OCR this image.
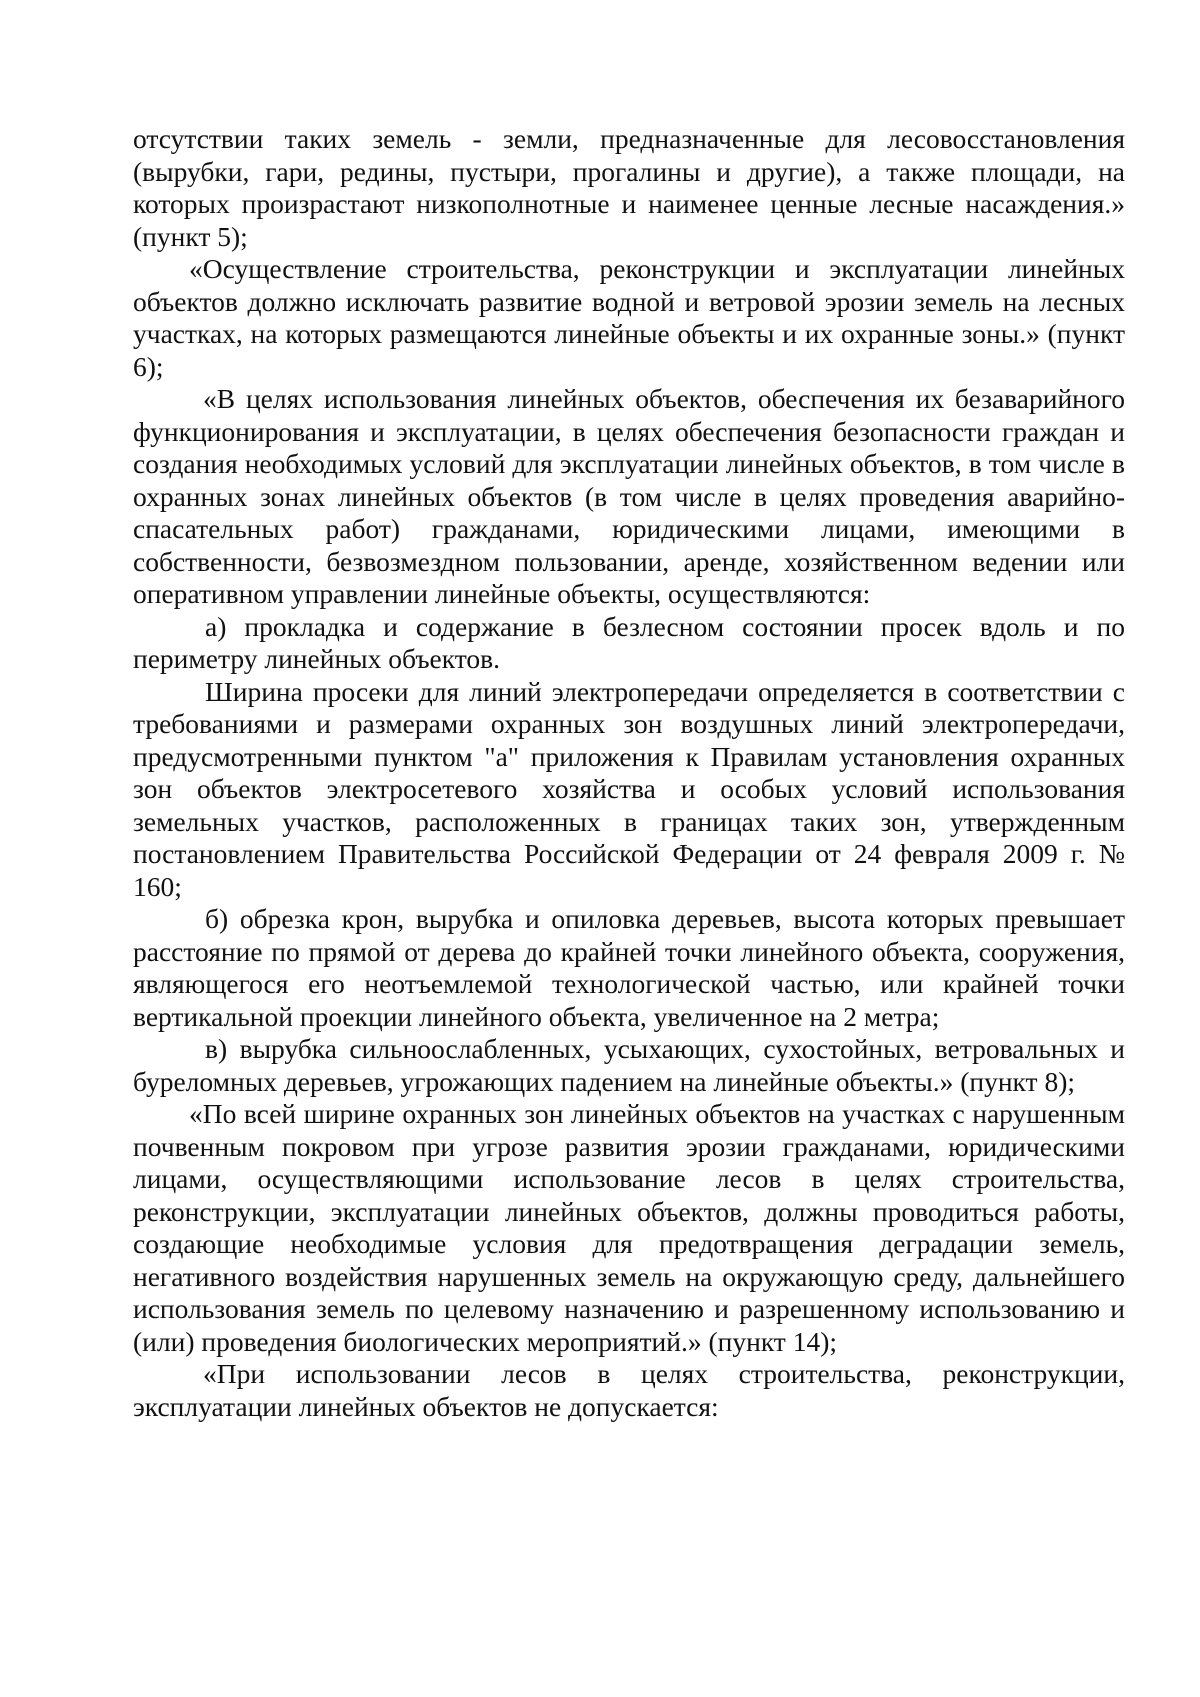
отсутствии таких земель - земли, предназначенные для лесовосстановления (вырубки, гари, редины, пустыри, прогалины и другие), а также площади, на которых произрастают низкополнотные и наименее ценные лесные насаждения.» (пункт 5);

«Осуществление строительства, реконструкции и эксплуатации линейных объектов должно исключать развитие водной и ветровой эрозии земель на лесных участках, на которых размещаются линейные объекты и их охранные зоны.» (пункт 6);

«В целях использования линейных объектов, обеспечения их безаварийного функционирования и эксплуатации, в целях обеспечения безопасности граждан и создания необходимых условий для эксплуатации линейных объектов, в том числе в охранных зонах линейных объектов (в том числе в целях проведения аварийно-спасательных работ) гражданами, юридическими лицами, имеющими в собственности, безвозмездном пользовании, аренде, хозяйственном ведении или оперативном управлении линейные объекты, осуществляются:

а) прокладка и содержание в безлесном состоянии просек вдоль и по периметру линейных объектов.

Ширина просеки для линий электропередачи определяется в соответствии с требованиями и размерами охранных зон воздушных линий электропередачи, предусмотренными пунктом "а" приложения к Правилам установления охранных зон объектов электросетевого хозяйства и особых условий использования земельных участков, расположенных в границах таких зон, утвержденным постановлением Правительства Российской Федерации от 24 февраля 2009 г. № 160;

б) обрезка крон, вырубка и опиловка деревьев, высота которых превышает расстояние по прямой от дерева до крайней точки линейного объекта, сооружения, являющегося его неотъемлемой технологической частью, или крайней точки вертикальной проекции линейного объекта, увеличенное на 2 метра;

в) вырубка сильноослабленных, усыхающих, сухостойных, ветровальных и буреломных деревьев, угрожающих падением на линейные объекты.» (пункт 8);

«По всей ширине охранных зон линейных объектов на участках с нарушенным почвенным покровом при угрозе развития эрозии гражданами, юридическими лицами, осуществляющими использование лесов в целях строительства, реконструкции, эксплуатации линейных объектов, должны проводиться работы, создающие необходимые условия для предотвращения деградации земель, негативного воздействия нарушенных земель на окружающую среду, дальнейшего использования земель по целевому назначению и разрешенному использованию и (или) проведения биологических мероприятий.» (пункт 14);

«При использовании лесов в целях строительства, реконструкции, эксплуатации линейных объектов не допускается:
